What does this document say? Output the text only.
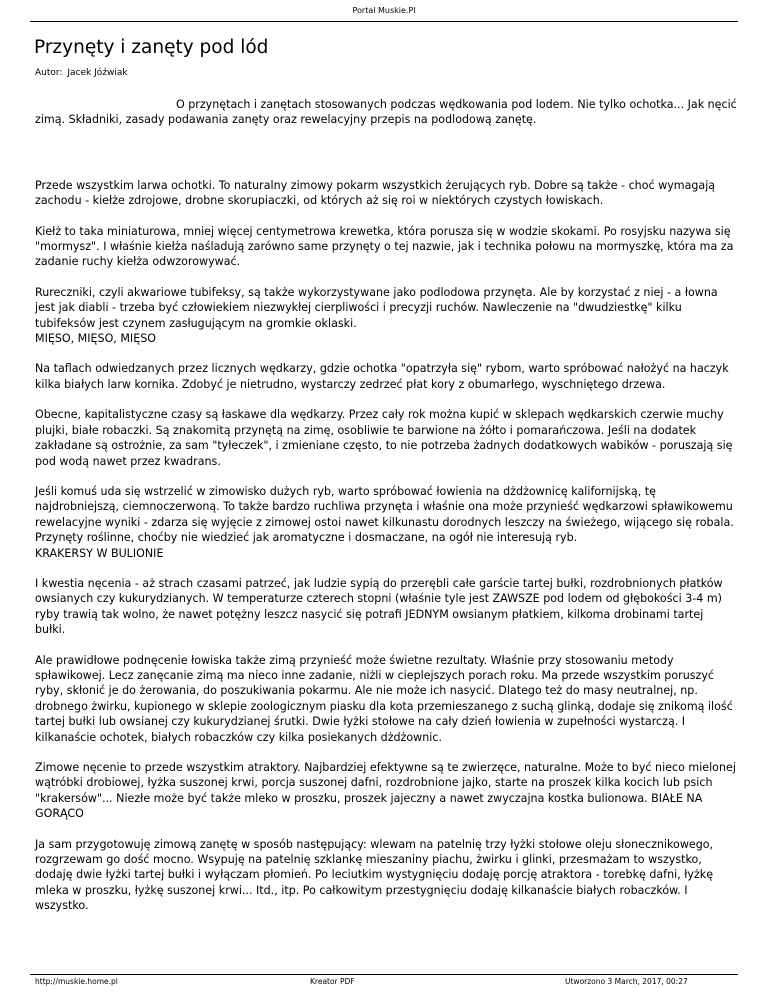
Portal Muskie.Pl
Przynęty i zanęty pod lód
Autor: Jacek Jóźwiak

O przynętach i zanętach stosowanych podczas wędkowania pod lodem. Nie tylko ochotka... Jak nęcić zimą. Składniki, zasady podawania zanęty oraz rewelacyjny przepis na podlodową zanętę.

Przede wszystkim larwa ochotki. To naturalny zimowy pokarm wszystkich żerujących ryb. Dobre są także - choć wymagają zachodu - kiełże zdrojowe, drobne skorupiaczki, od których aż się roi w niektórych czystych łowiskach.

Kiełż to taka miniaturowa, mniej więcej centymetrowa krewetka, która porusza się w wodzie skokami. Po rosyjsku nazywa się "mormysz". I właśnie kiełża naśladują zarówno same przynęty o tej nazwie, jak i technika połowu na mormyszkę, która ma za zadanie ruchy kiełża odwzorowywać.

Rurecznikі, czyli akwariowe tubifeksy, są także wykorzystywane jako podlodowa przynęta. Ale by korzystać z niej - a łowna jest jak diabli - trzeba być człowiekiem niezwykłej cierpliwości i precyzji ruchów. Nawleczenie na "dwudziestkę" kilku tubifeksów jest czynem zasługującym na gromkie oklaski.
MIĘSO, MIĘSO, MIĘSO

Na taflach odwiedzanych przez licznych wędkarzy, gdzie ochotka "opatrzyła się" rybom, warto spróbować nałożyć na haczyk kilka białych larw kornika. Zdobyć je nietrudno, wystarczy zedrzeć płat kory z obumarłego, wyschniętego drzewa.

Obecne, kapitalistyczne czasy są łaskawe dla wędkarzy. Przez cały rok można kupić w sklepach wędkarskich czerwie muchy plujki, białe robaczki. Są znakomitą przynętą na zimę, osobliwie te barwione na żółto i pomarańczowa. Jeśli na dodatek zakładane są ostrożnie, za sam "tyłeczek", i zmieniane często, to nie potrzeba żadnych dodatkowych wabików - poruszają się pod wodą nawet przez kwadrans.

Jeśli komuś uda się wstrzelić w zimowisko dużych ryb, warto spróbować łowienia na dżdżownicę kalifornijską, tę najdrobniejszą, ciemnoczerwoną. To także bardzo ruchliwa przynęta i właśnie ona może przynieść wędkarzowi spławikowemu rewelacyjne wyniki - zdarza się wyjęcie z zimowej ostoi nawet kilkunastu dorodnych leszczy na świeżego, wijącego się robala.
Przynęty roślinne, choćby nie wiedzieć jak aromatyczne i dosmaczane, na ogół nie interesują ryb.
KRAKERSY W BULIONIE

I kwestia nęcenia - aż strach czasami patrzeć, jak ludzie sypią do przerębli całe garście tartej bułki, rozdrobnionych płatków owsianych czy kukurydzianych. W temperaturze czterech stopni (właśnie tyle jest ZAWSZE pod lodem od głębokości 3-4 m) ryby trawią tak wolno, że nawet potężny leszcz nasycić się potrafi JEDNYM owsianym płatkiem, kilkoma drobinami tartej bułki.

Ale prawidłowe podnęcenie łowiska także zimą przynieść może świetne rezultaty. Właśnie przy stosowaniu metody spławikowej. Lecz zanęcanie zimą ma nieco inne zadanie, niżli w cieplejszych porach roku. Ma przede wszystkim poruszyć ryby, skłonić je do żerowania, do poszukiwania pokarmu. Ale nie może ich nasycić. Dlatego też do masy neutralnej, np. drobnego żwirku, kupionego w sklepie zoologicznym piasku dla kota przemieszanego z suchą glinką, dodaje się znikomą ilość tartej bułki lub owsianej czy kukurydzianej śrutki. Dwie łyżki stołowe na cały dzień łowienia w zupełności wystarczą. I kilkanaście ochotek, białych robaczków czy kilka posiekanych dżdżownic.

Zimowe nęcenie to przede wszystkim atraktory. Najbardziej efektywne są te zwierzęce, naturalne. Może to być nieco mielonej wątróbki drobiowej, łyżka suszonej krwi, porcja suszonej dafni, rozdrobnione jajko, starte na proszek kilka kocich lub psich "krakersów"... Niezłe może być także mleko w proszku, proszek jajeczny a nawet zwyczajna kostka bulionowa. BIAŁE NA GORĄCO

Ja sam przygotowuję zimową zanętę w sposób następujący: wlewam na patelnię trzy łyżki stołowe oleju słonecznikowego, rozgrzewam go dość mocno. Wsypuję na patelnię szklankę mieszaniny piachu, żwirku i glinki, przesmażam to wszystko, dodaję dwie łyżki tartej bułki i wyłączam płomień. Po leciutkim wystygnięciu dodaję porcję atraktora - torebkę dafni, łyżkę mleka w proszku, łyżkę suszonej krwi... Itd., itp. Po całkowitym przestygnięciu dodaję kilkanaście białych robaczków. I wszystko.

http://muskie.home.pl	Kreator PDF	Utworzono 3 March, 2017, 00:27
